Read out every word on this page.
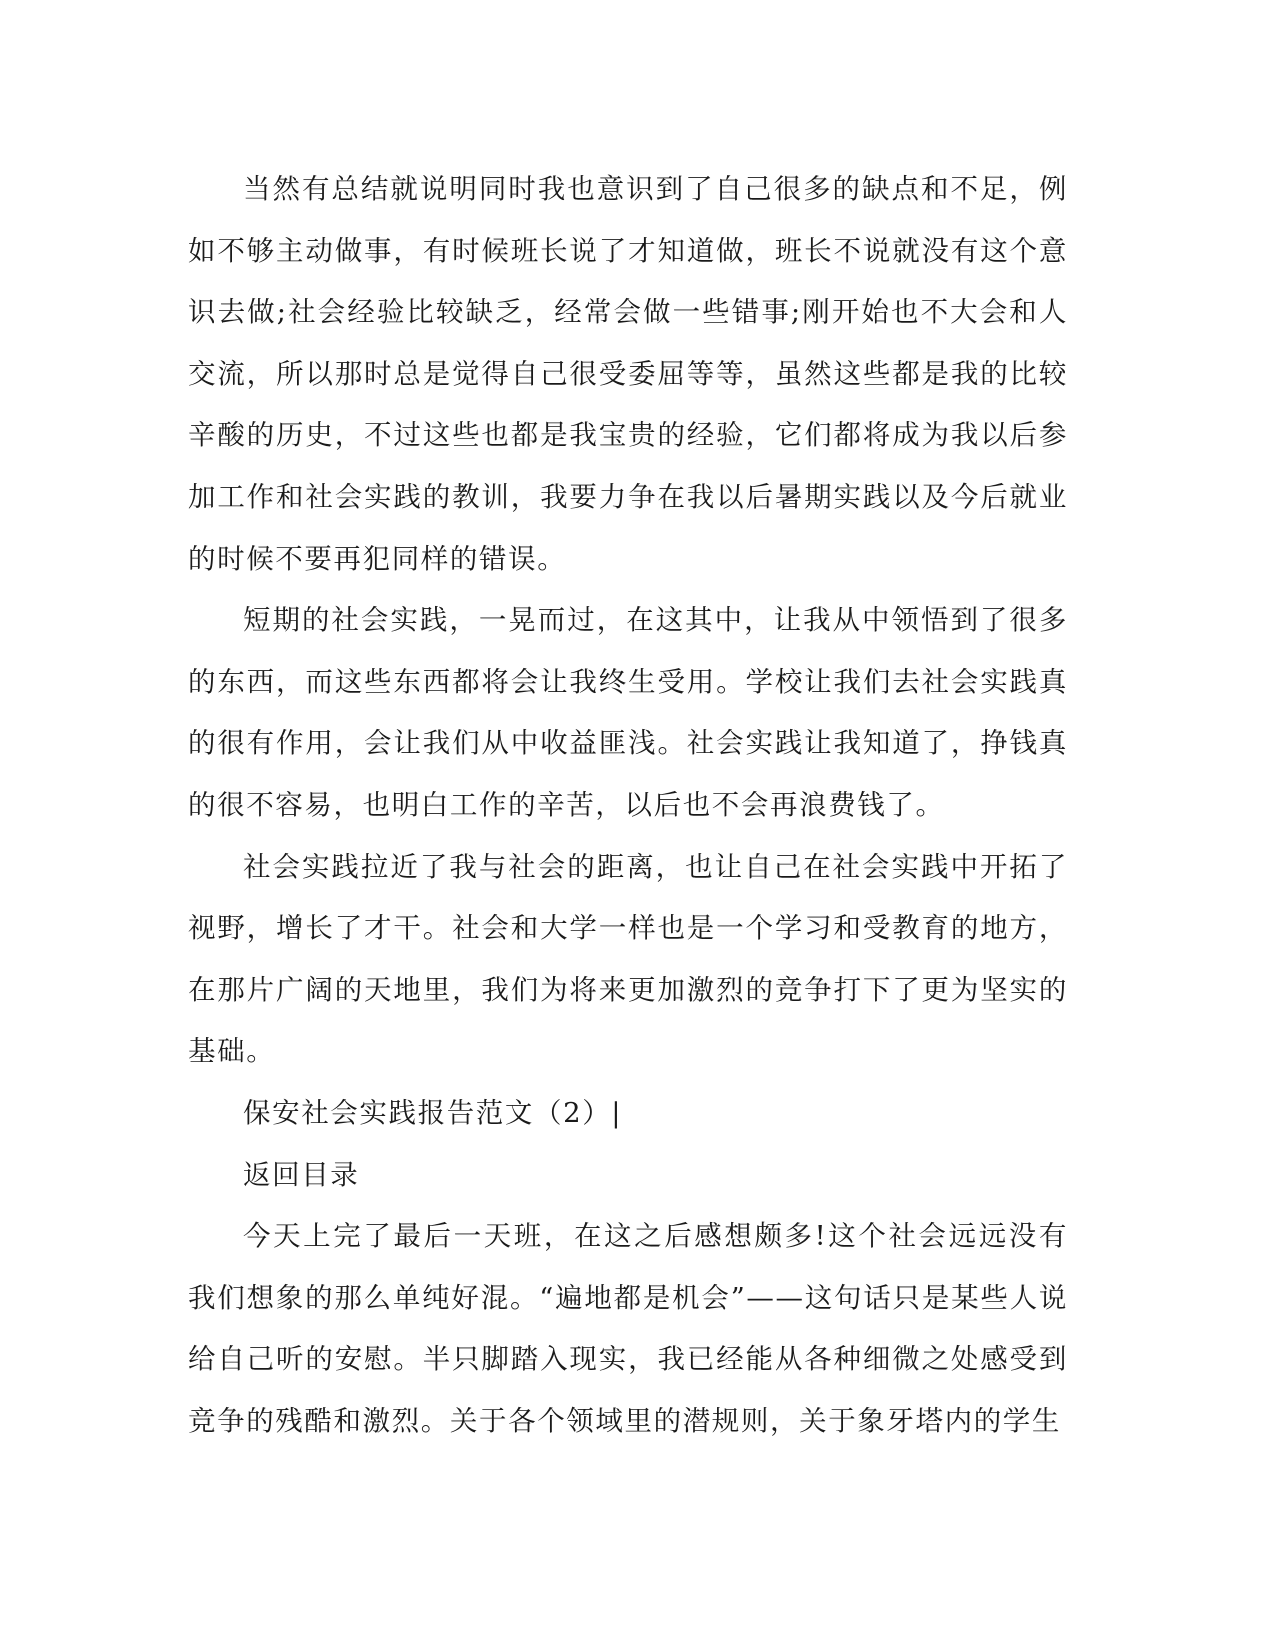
当然有总结就说明同时我也意识到了自己很多的缺点和不足，例如不够主动做事，有时候班长说了才知道做，班长不说就没有这个意识去做;社会经验比较缺乏，经常会做一些错事;刚开始也不大会和人交流，所以那时总是觉得自己很受委屈等等，虽然这些都是我的比较辛酸的历史，不过这些也都是我宝贵的经验，它们都将成为我以后参加工作和社会实践的教训，我要力争在我以后暑期实践以及今后就业的时候不要再犯同样的错误。

短期的社会实践，一晃而过，在这其中，让我从中领悟到了很多的东西，而这些东西都将会让我终生受用。学校让我们去社会实践真的很有作用，会让我们从中收益匪浅。社会实践让我知道了，挣钱真的很不容易，也明白工作的辛苦，以后也不会再浪费钱了。

社会实践拉近了我与社会的距离，也让自己在社会实践中开拓了视野，增长了才干。社会和大学一样也是一个学习和受教育的地方，在那片广阔的天地里，我们为将来更加激烈的竞争打下了更为坚实的基础。

保安社会实践报告范文（2）|

返回目录

今天上完了最后一天班，在这之后感想颇多!这个社会远远没有我们想象的那么单纯好混。“遍地都是机会”——这句话只是某些人说给自己听的安慰。半只脚踏入现实，我已经能从各种细微之处感受到竞争的残酷和激烈。关于各个领域里的潜规则，关于象牙塔内的学生
